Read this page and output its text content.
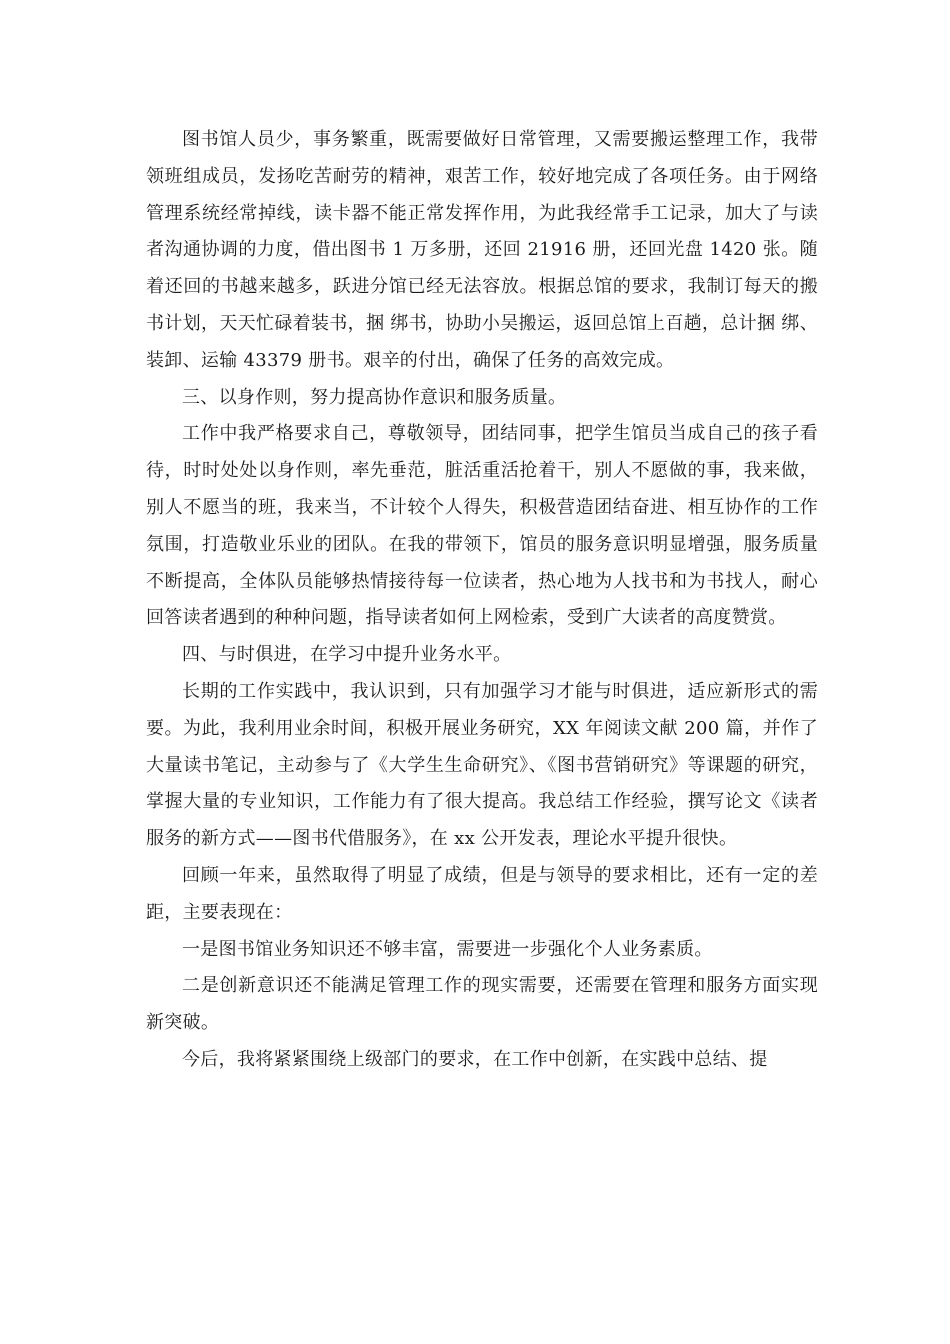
图书馆人员少，事务繁重，既需要做好日常管理，又需要搬运整理工作，我带领班组成员，发扬吃苦耐劳的精神，艰苦工作，较好地完成了各项任务。由于网络管理系统经常掉线，读卡器不能正常发挥作用，为此我经常手工记录，加大了与读者沟通协调的力度，借出图书 1 万多册，还回 21916 册，还回光盘 1420 张。随着还回的书越来越多，跃进分馆已经无法容放。根据总馆的要求，我制订每天的搬书计划，天天忙碌着装书，捆 绑书，协助小吴搬运，返回总馆上百趟，总计捆 绑、装卸、运输 43379 册书。艰辛的付出，确保了任务的高效完成。

三、以身作则，努力提高协作意识和服务质量。

工作中我严格要求自己，尊敬领导，团结同事，把学生馆员当成自己的孩子看待，时时处处以身作则，率先垂范，脏活重活抢着干，别人不愿做的事，我来做，别人不愿当的班，我来当，不计较个人得失，积极营造团结奋进、相互协作的工作氛围，打造敬业乐业的团队。在我的带领下，馆员的服务意识明显增强，服务质量不断提高，全体队员能够热情接待每一位读者，热心地为人找书和为书找人，耐心回答读者遇到的种种问题，指导读者如何上网检索，受到广大读者的高度赞赏。

四、与时俱进，在学习中提升业务水平。

长期的工作实践中，我认识到，只有加强学习才能与时俱进，适应新形式的需要。为此，我利用业余时间，积极开展业务研究，XX 年阅读文献 200 篇，并作了大量读书笔记，主动参与了《大学生生命研究》、《图书营销研究》等课题的研究，掌握大量的专业知识，工作能力有了很大提高。我总结工作经验，撰写论文《读者服务的新方式——图书代借服务》，在 xx 公开发表，理论水平提升很快。

回顾一年来，虽然取得了明显了成绩，但是与领导的要求相比，还有一定的差距，主要表现在：

一是图书馆业务知识还不够丰富，需要进一步强化个人业务素质。

二是创新意识还不能满足管理工作的现实需要，还需要在管理和服务方面实现新突破。

今后，我将紧紧围绕上级部门的要求，在工作中创新，在实践中总结、提
